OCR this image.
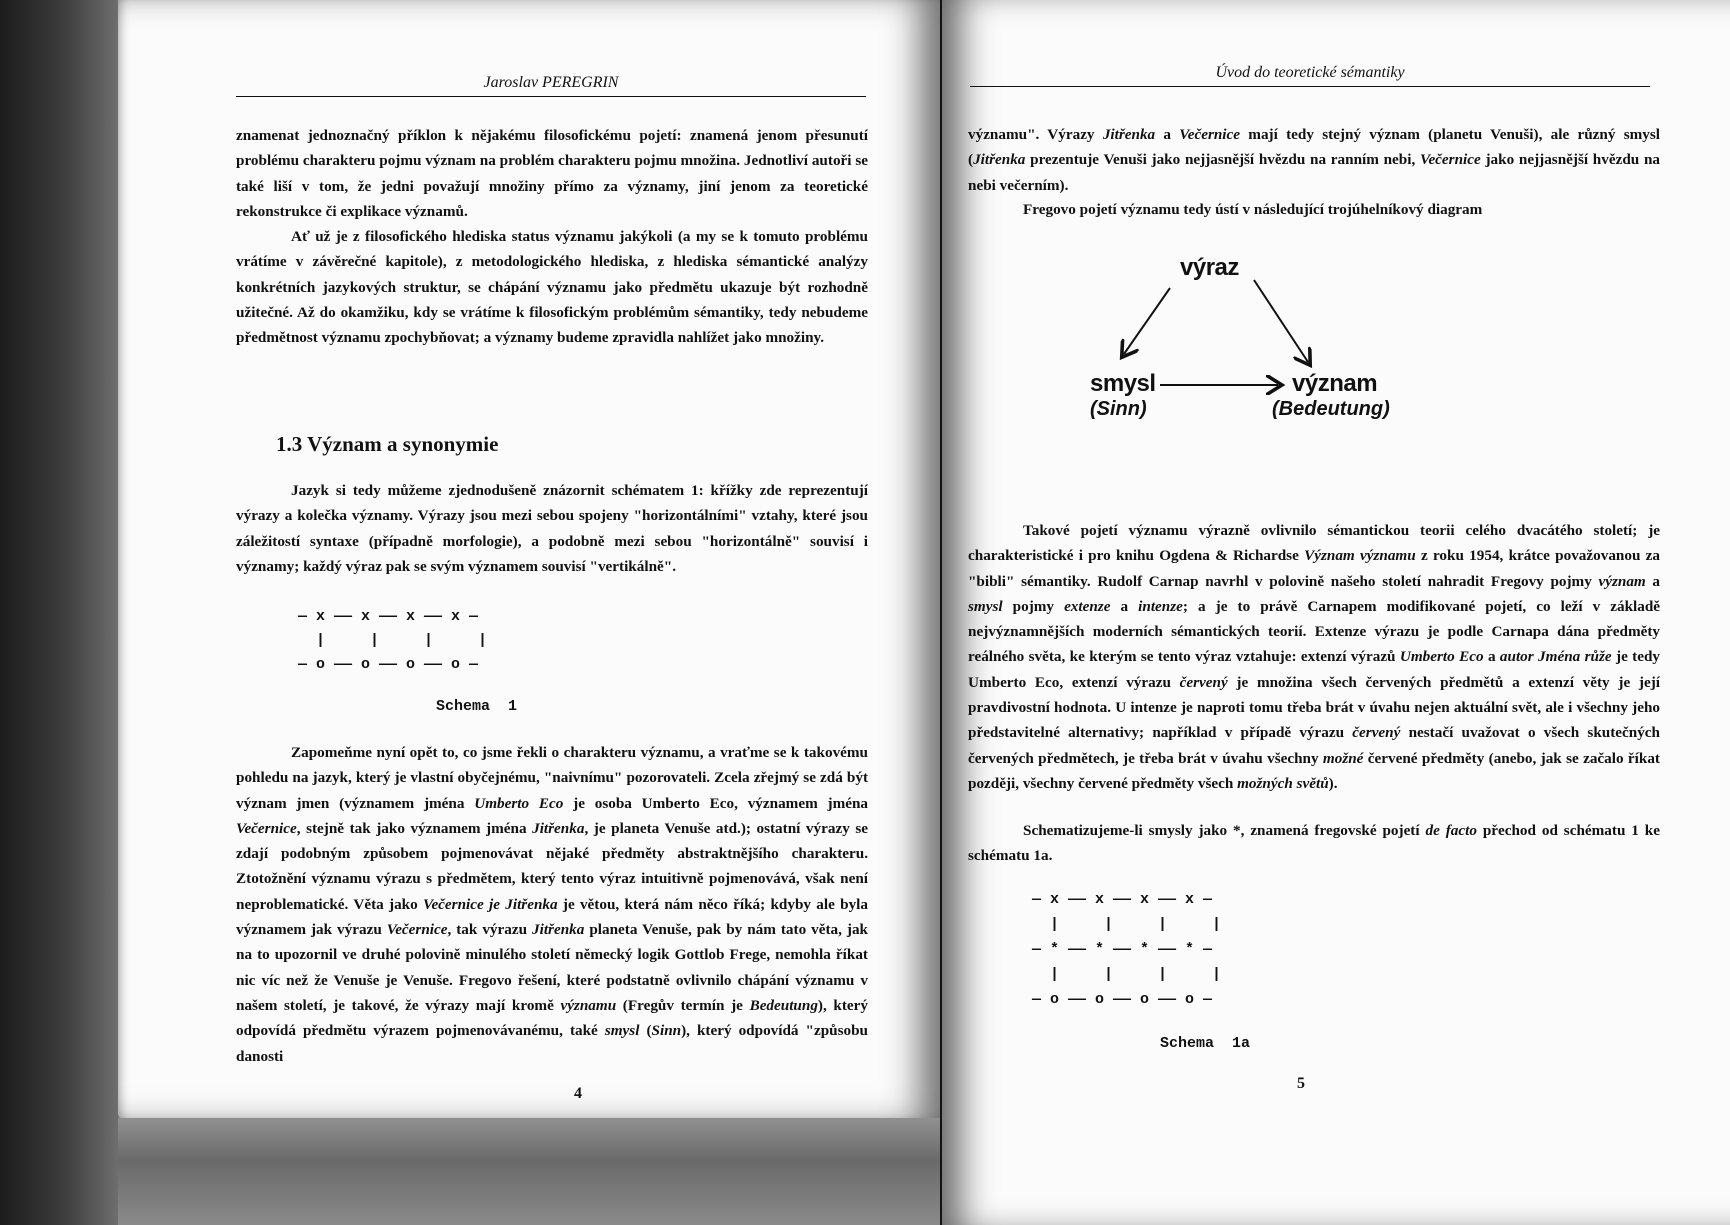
Jaroslav PEREGRIN

znamenat jednoznačný příklon k nějakému filosofickému pojetí: znamená jenom přesunutí problému charakteru pojmu význam na problém charakteru pojmu množina. Jednotliví autoři se také liší v tom, že jedni považují množiny přímo za významy, jiní jenom za teoretické rekonstrukce či explikace významů.

Ať už je z filosofického hlediska status významu jakýkoli (a my se k tomuto problému vrátíme v závěrečné kapitole), z metodologického hlediska, z hlediska sémantické analýzy konkrétních jazykových struktur, se chápání významu jako předmětu ukazuje být rozhodně užitečné. Až do okamžiku, kdy se vrátíme k filosofickým problémům sémantiky, tedy nebudeme předmětnost významu zpochybňovat; a významy budeme zpravidla nahlížet jako množiny.

1.3 Význam a synonymie

Jazyk si tedy můžeme zjednodušeně znázornit schématem 1: křížky zde reprezentují výrazy a kolečka významy. Výrazy jsou mezi sebou spojeny "horizontálními" vztahy, které jsou záležitostí syntaxe (případně morfologie), a podobně mezi sebou "horizontálně" souvisí i významy; každý výraz pak se svým významem souvisí "vertikálně".

— x —— x —— x —— x —
|     |     |     |
— o —— o —— o —— o —
Schema  1

Zapomeňme nyní opět to, co jsme řekli o charakteru významu, a vraťme se k takovému pohledu na jazyk, který je vlastní obyčejnému, "naivnímu" pozorovateli. Zcela zřejmý se zdá být význam jmen (významem jména Umberto Eco je osoba Umberto Eco, významem jména Večernice, stejně tak jako významem jména Jitřenka, je planeta Venuše atd.); ostatní výrazy se zdají podobným způsobem pojmenovávat nějaké předměty abstraktnějšího charakteru. Ztotožnění významu výrazu s předmětem, který tento výraz intuitivně pojmenovává, však není neproblematické. Věta jako Večernice je Jitřenka je větou, která nám něco říká; kdyby ale byla významem jak výrazu Večernice, tak výrazu Jitřenka planeta Venuše, pak by nám tato věta, jak na to upozornil ve druhé polovině minulého století německý logik Gottlob Frege, nemohla říkat nic víc než že Venuše je Venuše. Fregovo řešení, které podstatně ovlivnilo chápání významu v našem století, je takové, že výrazy mají kromě významu (Fregův termín je Bedeutung), který odpovídá předmětu výrazem pojmenovávanému, také smysl (Sinn), který odpovídá "způsobu danosti

4
Úvod do teoretické sémantiky

významu". Výrazy Jitřenka a Večernice mají tedy stejný význam (planetu Venuši), ale různý smysl (Jitřenka prezentuje Venuši jako nejjasnější hvězdu na ranním nebi, Večernice jako nejjasnější hvězdu na nebi večerním).

Fregovo pojetí významu tedy ústí v následující trojúhelníkový diagram

výraz
smysl
(Sinn)
význam
(Bedeutung)

Takové pojetí významu výrazně ovlivnilo sémantickou teorii celého dvacátého století; je charakteristické i pro knihu Ogdena & Richardse Význam významu z roku 1954, krátce považovanou za "bibli" sémantiky. Rudolf Carnap navrhl v polovině našeho století nahradit Fregovy pojmy význam a smysl pojmy extenze a intenze; a je to právě Carnapem modifikované pojetí, co leží v základě nejvýznamnějších moderních sémantických teorií. Extenze výrazu je podle Carnapa dána předměty reálného světa, ke kterým se tento výraz vztahuje: extenzí výrazů Umberto Eco a autor Jména růže je tedy Umberto Eco, extenzí výrazu červený je množina všech červených předmětů a extenzí věty je její pravdivostní hodnota. U intenze je naproti tomu třeba brát v úvahu nejen aktuální svět, ale i všechny jeho představitelné alternativy; například v případě výrazu červený nestačí uvažovat o všech skutečných červených předmětech, je třeba brát v úvahu všechny možné červené předměty (anebo, jak se začalo říkat později, všechny červené předměty všech možných světů).

Schematizujeme-li smysly jako *, znamená fregovské pojetí de facto přechod od schématu 1 ke schématu 1a.

— x —— x —— x —— x —
|     |     |     |
— * —— * —— * —— * —
|     |     |     |
— o —— o —— o —— o —
Schema  1a
5
